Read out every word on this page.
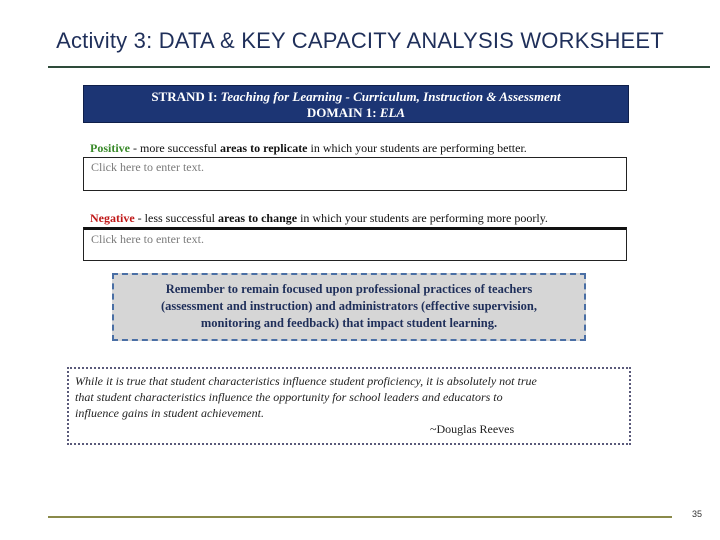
Activity 3: DATA & KEY CAPACITY ANALYSIS WORKSHEET
STRAND I: Teaching for Learning - Curriculum, Instruction & Assessment
DOMAIN 1: ELA
Positive - more successful areas to replicate in which your students are performing better.
Click here to enter text.
Negative - less successful areas to change in which your students are performing more poorly.
Click here to enter text.
Remember to remain focused upon professional practices of teachers
(assessment and instruction) and administrators (effective supervision,
monitoring and feedback) that impact student learning.
While it is true that student characteristics influence student proficiency, it is absolutely not true
that student characteristics influence the opportunity for school leaders and educators to
influence gains in student achievement.
~Douglas Reeves
35
